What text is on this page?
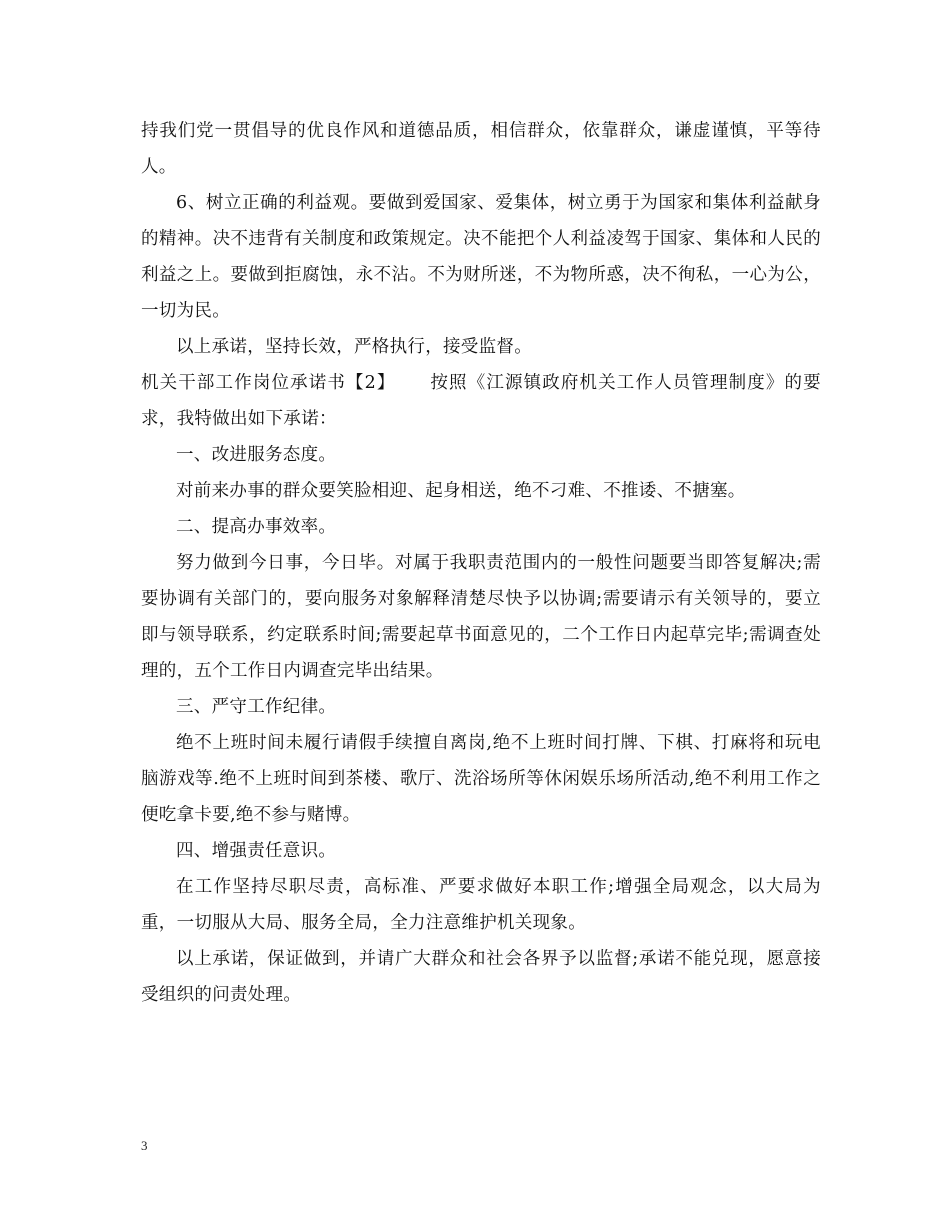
持我们党一贯倡导的优良作风和道德品质，相信群众，依靠群众，谦虚谨慎，平等待人。

6、树立正确的利益观。要做到爱国家、爱集体，树立勇于为国家和集体利益献身的精神。决不违背有关制度和政策规定。决不能把个人利益凌驾于国家、集体和人民的利益之上。要做到拒腐蚀，永不沾。不为财所迷，不为物所惑，决不徇私，一心为公，一切为民。

以上承诺，坚持长效，严格执行，接受监督。

机关干部工作岗位承诺书【2】 按照《江源镇政府机关工作人员管理制度》的要求，我特做出如下承诺：

一、改进服务态度。

对前来办事的群众要笑脸相迎、起身相送，绝不刁难、不推诿、不搪塞。

二、提高办事效率。

努力做到今日事，今日毕。对属于我职责范围内的一般性问题要当即答复解决;需要协调有关部门的，要向服务对象解释清楚尽快予以协调;需要请示有关领导的，要立即与领导联系，约定联系时间;需要起草书面意见的，二个工作日内起草完毕;需调查处理的，五个工作日内调查完毕出结果。

三、严守工作纪律。

绝不上班时间未履行请假手续擅自离岗,绝不上班时间打牌、下棋、打麻将和玩电脑游戏等.绝不上班时间到茶楼、歌厅、洗浴场所等休闲娱乐场所活动,绝不利用工作之便吃拿卡要,绝不参与赌博。

四、增强责任意识。

在工作坚持尽职尽责，高标准、严要求做好本职工作;增强全局观念，以大局为重，一切服从大局、服务全局，全力注意维护机关现象。

以上承诺，保证做到，并请广大群众和社会各界予以监督;承诺不能兑现，愿意接受组织的问责处理。

3
